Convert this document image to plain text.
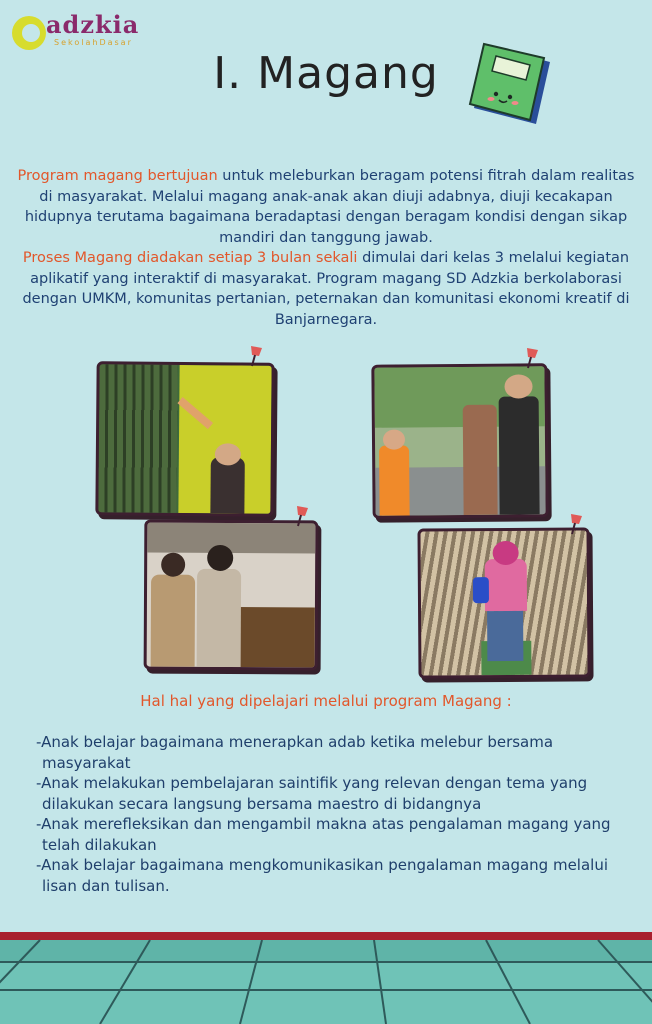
adzkia
SekolahDasar
I. Magang
Program magang bertujuan untuk meleburkan beragam potensi fitrah dalam realitas di masyarakat. Melalui magang anak-anak akan diuji adabnya, diuji kecakapan hidupnya terutama bagaimana beradaptasi dengan beragam kondisi dengan sikap mandiri dan tanggung jawab.
Proses Magang diadakan setiap 3 bulan sekali dimulai dari kelas 3 melalui kegiatan aplikatif yang interaktif di masyarakat. Program magang SD Adzkia berkolaborasi dengan UMKM, komunitas pertanian, peternakan dan komunitasi ekonomi kreatif di Banjarnegara.
Hal hal yang dipelajari melalui program Magang :
-Anak belajar bagaimana menerapkan adab ketika melebur bersama masyarakat
-Anak melakukan pembelajaran saintifik yang relevan dengan tema yang dilakukan secara langsung bersama maestro di bidangnya
-Anak merefleksikan dan mengambil makna atas pengalaman magang yang telah dilakukan
-Anak belajar bagaimana mengkomunikasikan pengalaman magang melalui lisan dan tulisan.
